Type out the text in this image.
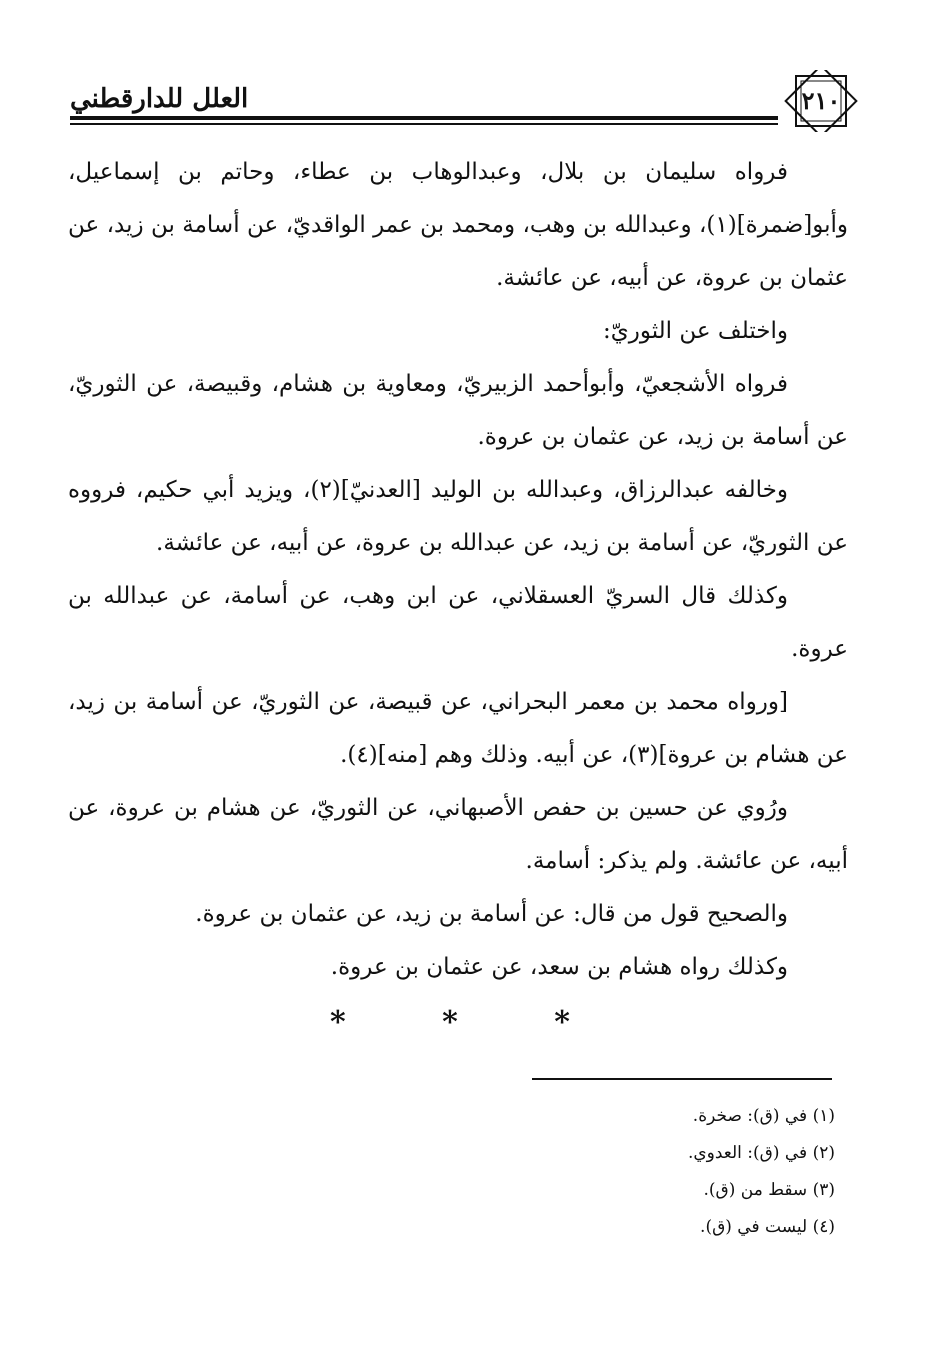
العلل للدارقطني	٢١٠

فرواه سليمان بن بلال، وعبدالوهاب بن عطاء، وحاتم بن إسماعيل، وأبو[ضمرة](١)، وعبدالله بن وهب، ومحمد بن عمر الواقديّ، عن أسامة بن زيد، عن عثمان بن عروة، عن أبيه، عن عائشة.

واختلف عن الثوريّ:

فرواه الأشجعيّ، وأبوأحمد الزبيريّ، ومعاوية بن هشام، وقبيصة، عن الثوريّ، عن أسامة بن زيد، عن عثمان بن عروة.

وخالفه عبدالرزاق، وعبدالله بن الوليد [العدنيّ](٢)، ويزيد أبي حكيم، فرووه عن الثوريّ، عن أسامة بن زيد، عن عبدالله بن عروة، عن أبيه، عن عائشة.

وكذلك قال السريّ العسقلاني، عن ابن وهب، عن أسامة، عن عبدالله بن عروة.

[ورواه محمد بن معمر البحراني، عن قبيصة، عن الثوريّ، عن أسامة بن زيد، عن هشام بن عروة](٣)، عن أبيه. وذلك وهم [منه](٤).

ورُوي عن حسين بن حفص الأصبهاني، عن الثوريّ، عن هشام بن عروة، عن أبيه، عن عائشة. ولم يذكر: أسامة.

والصحيح قول من قال: عن أسامة بن زيد، عن عثمان بن عروة.

وكذلك رواه هشام بن سعد، عن عثمان بن عروة.

*	*	*
(١) في (ق): صخرة.
(٢) في (ق): العدوي.
(٣) سقط من (ق).
(٤) ليست في (ق).
